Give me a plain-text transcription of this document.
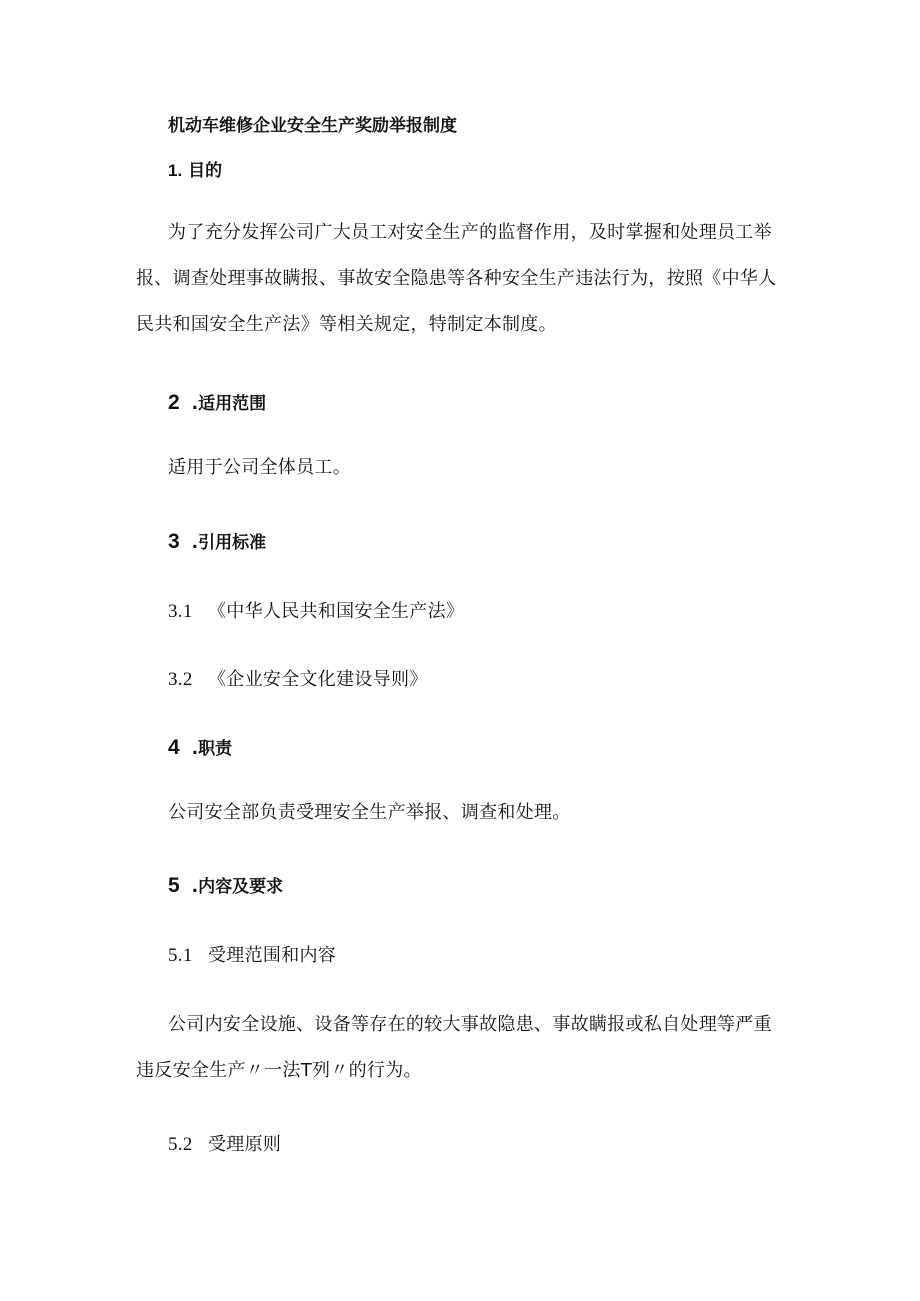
机动车维修企业安全生产奖励举报制度
1. 目的
为了充分发挥公司广大员工对安全生产的监督作用，及时掌握和处理员工举
报、调查处理事故瞒报、事故安全隐患等各种安全生产违法行为，按照《中华人
民共和国安全生产法》等相关规定，特制定本制度。
2 .适用范围
适用于公司全体员工。
3 .引用标准
3.1 《中华人民共和国安全生产法》
3.2 《企业安全文化建设导则》
4 .职责
公司安全部负责受理安全生产举报、调查和处理。
5 .内容及要求
5.1 受理范围和内容
公司内安全设施、设备等存在的较大事故隐患、事故瞒报或私自处理等严重
违反安全生产〃一法T列〃的行为。
5.2 受理原则
